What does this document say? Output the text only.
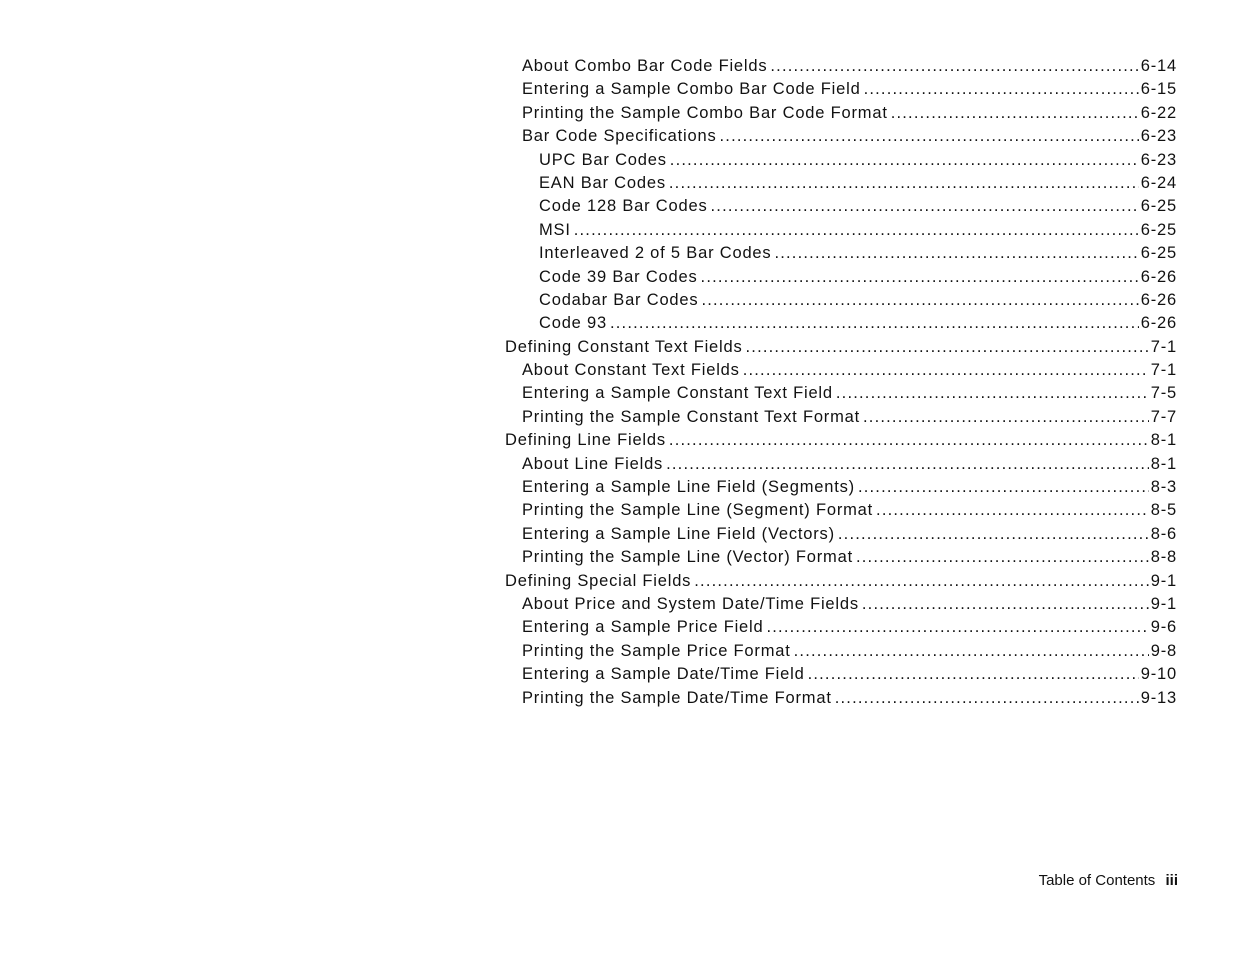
About Combo Bar Code Fields .....	6-14
Entering a Sample Combo Bar Code Field .....	6-15
Printing the Sample Combo Bar Code Format .....	6-22
Bar Code Specifications .....	6-23
UPC Bar Codes .....	6-23
EAN Bar Codes .....	6-24
Code 128 Bar Codes .....	6-25
MSI .....	6-25
Interleaved 2 of 5 Bar Codes .....	6-25
Code 39 Bar Codes .....	6-26
Codabar Bar Codes .....	6-26
Code 93 .....	6-26
Defining Constant Text Fields .....	7-1
About Constant Text Fields .....	7-1
Entering a Sample Constant Text Field .....	7-5
Printing the Sample Constant Text Format .....	7-7
Defining Line Fields .....	8-1
About Line Fields .....	8-1
Entering a Sample Line Field (Segments) .....	8-3
Printing the Sample Line (Segment) Format .....	8-5
Entering a Sample Line Field (Vectors) .....	8-6
Printing the Sample Line (Vector) Format .....	8-8
Defining Special Fields .....	9-1
About Price and System Date/Time Fields .....	9-1
Entering a Sample Price Field .....	9-6
Printing the Sample Price Format .....	9-8
Entering a Sample Date/Time Field .....	9-10
Printing the Sample Date/Time Format .....	9-13
Table of Contents iii
